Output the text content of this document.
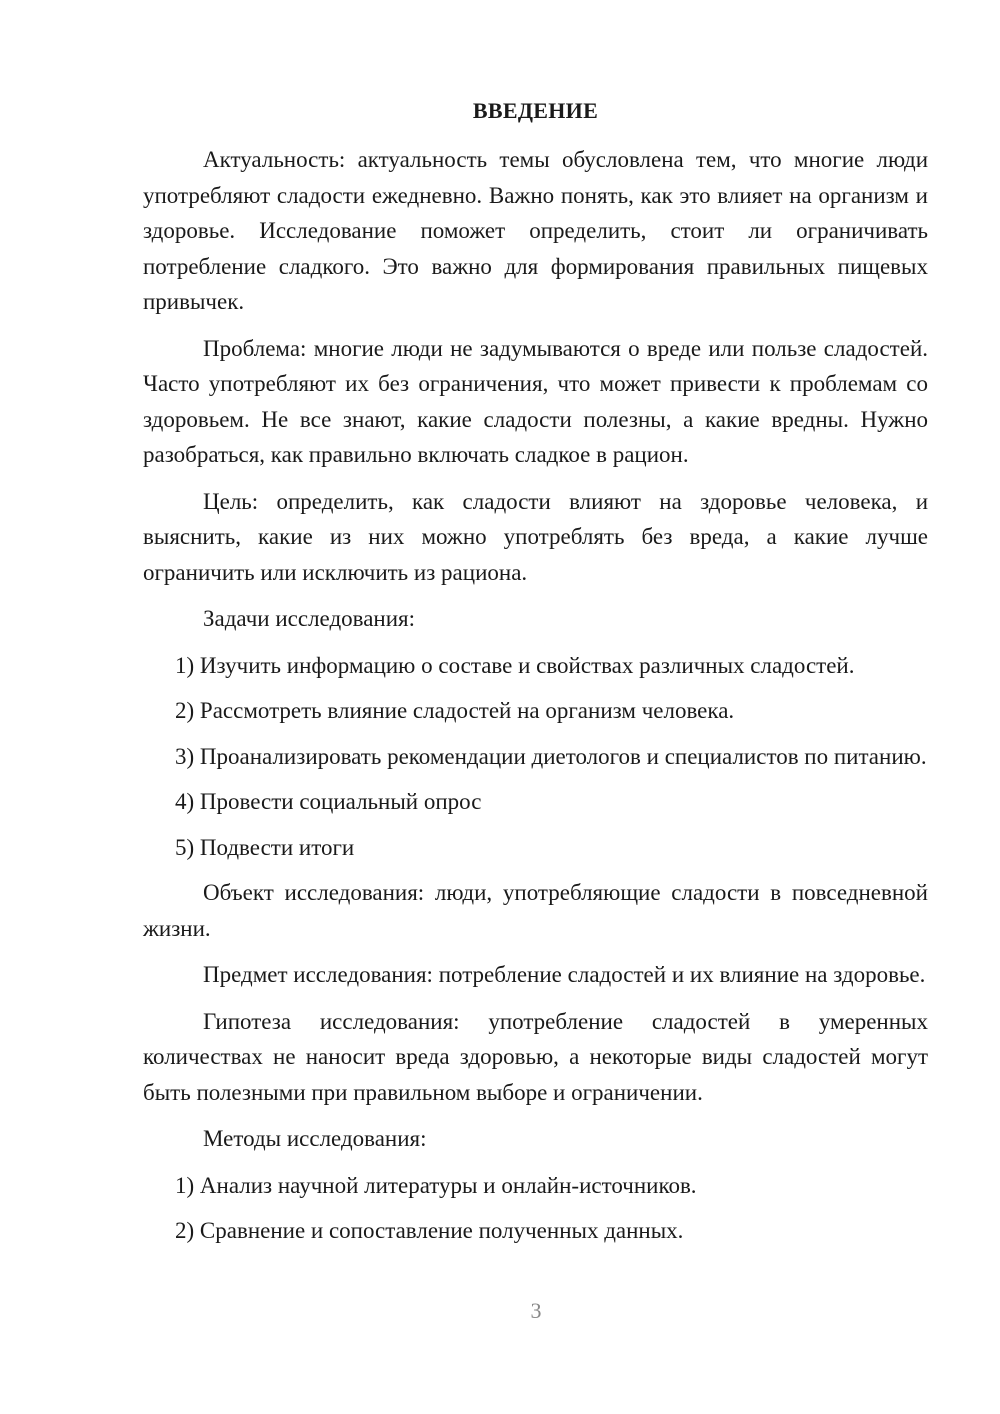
ВВЕДЕНИЕ

Актуальность: актуальность темы обусловлена тем, что многие люди употребляют сладости ежедневно. Важно понять, как это влияет на организм и здоровье. Исследование поможет определить, стоит ли ограничивать потребление сладкого. Это важно для формирования правильных пищевых привычек.

Проблема: многие люди не задумываются о вреде или пользе сладостей. Часто употребляют их без ограничения, что может привести к проблемам со здоровьем. Не все знают, какие сладости полезны, а какие вредны. Нужно разобраться, как правильно включать сладкое в рацион.

Цель: определить, как сладости влияют на здоровье человека, и выяснить, какие из них можно употреблять без вреда, а какие лучше ограничить или исключить из рациона.

Задачи исследования:

1) Изучить информацию о составе и свойствах различных сладостей.

2) Рассмотреть влияние сладостей на организм человека.

3) Проанализировать рекомендации диетологов и специалистов по питанию.

4) Провести социальный опрос

5) Подвести итоги

Объект исследования: люди, употребляющие сладости в повседневной жизни.

Предмет исследования: потребление сладостей и их влияние на здоровье.

Гипотеза исследования: употребление сладостей в умеренных количествах не наносит вреда здоровью, а некоторые виды сладостей могут быть полезными при правильном выборе и ограничении.

Методы исследования:

1) Анализ научной литературы и онлайн-источников.

2) Сравнение и сопоставление полученных данных.

3
